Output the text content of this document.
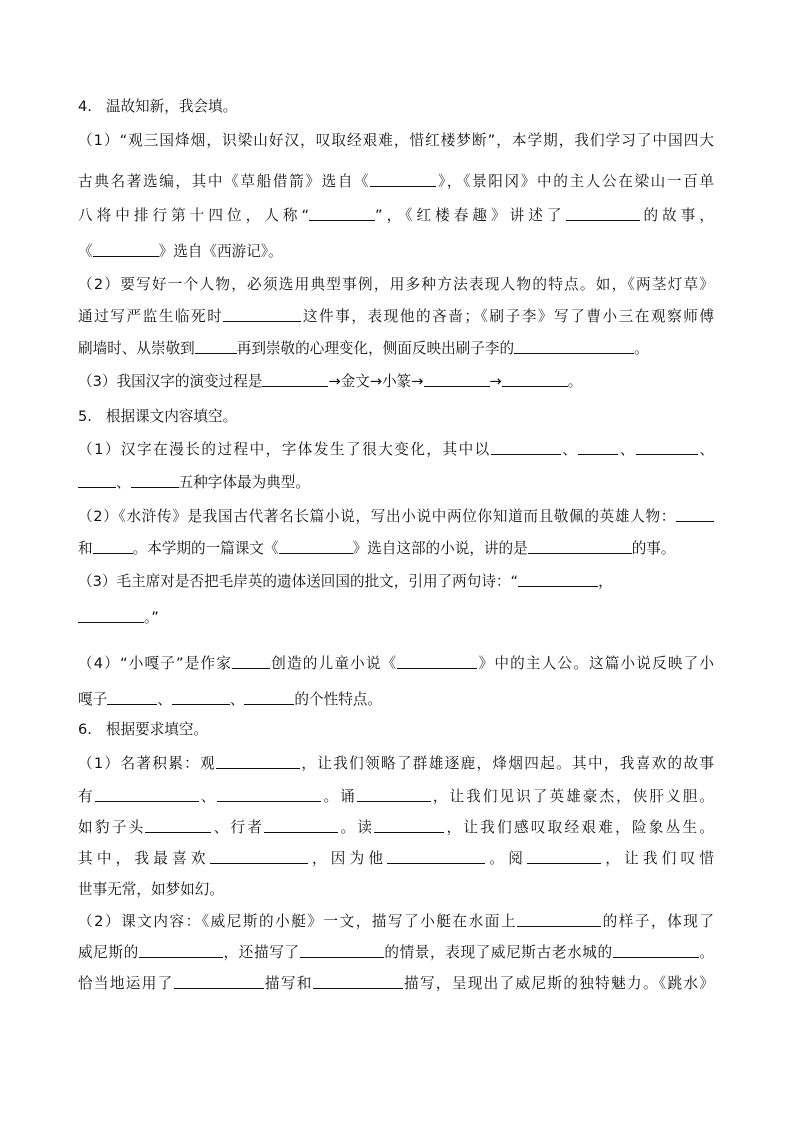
4. 温故知新，我会填。
（1）“观三国烽烟，识梁山好汉，叹取经艰难，惜红楼梦断”，本学期，我们学习了中国四大
古典名著选编，其中《草船借箭》选自《	》，《景阳冈》中的主人公在梁山一百单
八将中排行第十四位，人称“	”，《红楼春趣》讲述了	的故事，
《	》选自《西游记》。
（2）要写好一个人物，必须选用典型事例，用多种方法表现人物的特点。如，《两茎灯草》
通过写严监生临死时	这件事，表现他的吝啬；《刷子李》写了曹小三在观察师傅
刷墙时、从崇敬到	再到崇敬的心理变化，侧面反映出刷子李的	。
（3）我国汉字的演变过程是	→金文→小篆→	→	。
5. 根据课文内容填空。
（1）汉字在漫长的过程中，字体发生了很大变化，其中以	、	、	、
、	五种字体最为典型。
（2）《水浒传》是我国古代著名长篇小说，写出小说中两位你知道而且敬佩的英雄人物：
和	。本学期的一篇课文《	》选自这部的小说，讲的是	的事。
（3）毛主席对是否把毛岸英的遗体送回国的批文，引用了两句诗：“	，
。”
（4）“小嘎子”是作家	创造的儿童小说《	》中的主人公。这篇小说反映了小
嘎子	、	、	的个性特点。
6. 根据要求填空。
（1）名著积累：观	，让我们领略了群雄逐鹿，烽烟四起。其中，我喜欢的故事
有	、	。诵	，让我们见识了英雄豪杰，侠肝义胆。
如豹子头	、行者	。读	，让我们感叹取经艰难，险象丛生。
其中，我最喜欢	，因为他	。阅	，让我们叹惜
世事无常，如梦如幻。
（2）课文内容：《威尼斯的小艇》一文，描写了小艇在水面上	的样子，体现了
威尼斯的	，还描写了	的情景，表现了威尼斯古老水城的	。
恰当地运用了	描写和	描写，呈现出了威尼斯的独特魅力。《跳水》
